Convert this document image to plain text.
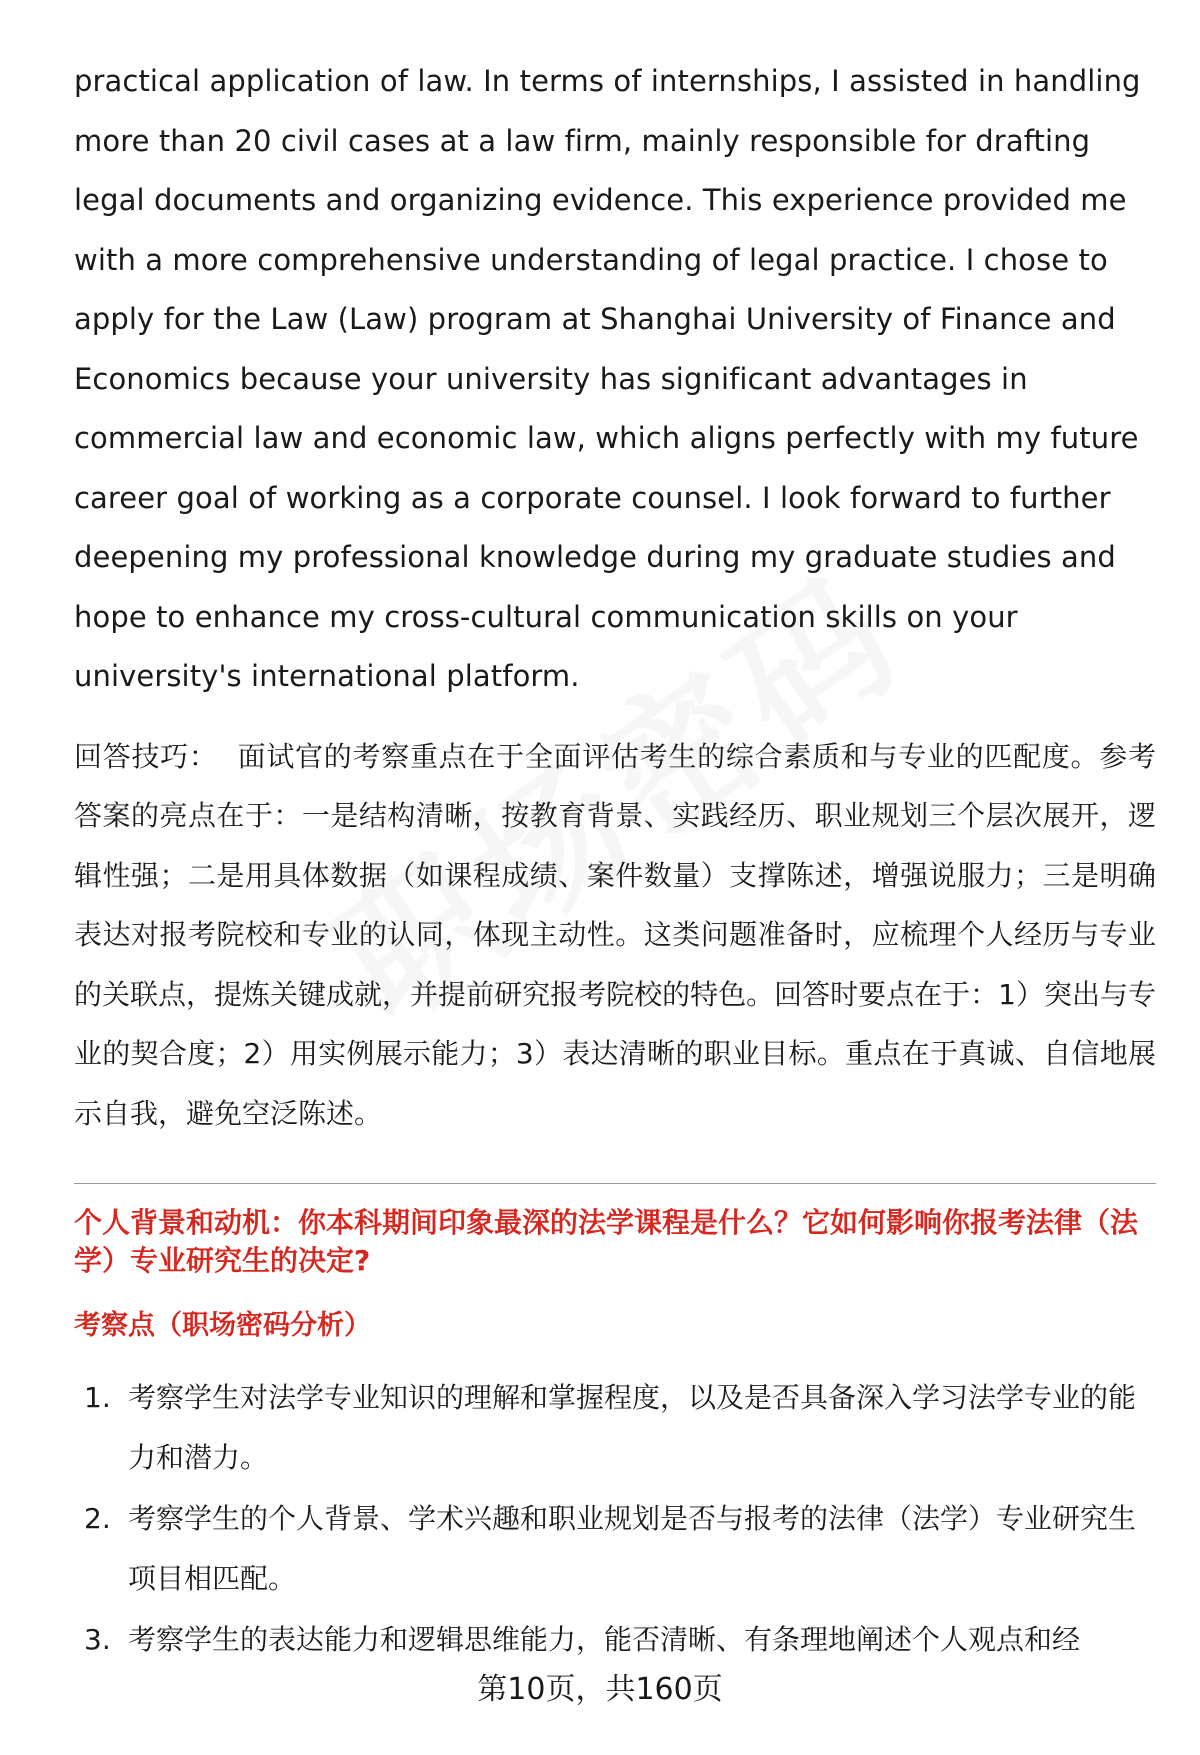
practical application of law. In terms of internships, I assisted in handling more than 20 civil cases at a law firm, mainly responsible for drafting legal documents and organizing evidence. This experience provided me with a more comprehensive understanding of legal practice. I chose to apply for the Law (Law) program at Shanghai University of Finance and Economics because your university has significant advantages in commercial law and economic law, which aligns perfectly with my future career goal of working as a corporate counsel. I look forward to further deepening my professional knowledge during my graduate studies and hope to enhance my cross-cultural communication skills on your university's international platform.

回答技巧： 面试官的考察重点在于全面评估考生的综合素质和与专业的匹配度。参考答案的亮点在于：一是结构清晰，按教育背景、实践经历、职业规划三个层次展开，逻辑性强；二是用具体数据（如课程成绩、案件数量）支撑陈述，增强说服力；三是明确表达对报考院校和专业的认同，体现主动性。这类问题准备时，应梳理个人经历与专业的关联点，提炼关键成就，并提前研究报考院校的特色。回答时要点在于：1）突出与专业的契合度；2）用实例展示能力；3）表达清晰的职业目标。重点在于真诚、自信地展示自我，避免空泛陈述。

个人背景和动机：你本科期间印象最深的法学课程是什么？它如何影响你报考法律（法学）专业研究生的决定?
考察点（职场密码分析）
1. 考察学生对法学专业知识的理解和掌握程度，以及是否具备深入学习法学专业的能力和潜力。
2. 考察学生的个人背景、学术兴趣和职业规划是否与报考的法律（法学）专业研究生项目相匹配。
3. 考察学生的表达能力和逻辑思维能力，能否清晰、有条理地阐述个人观点和经
第10页，共160页
